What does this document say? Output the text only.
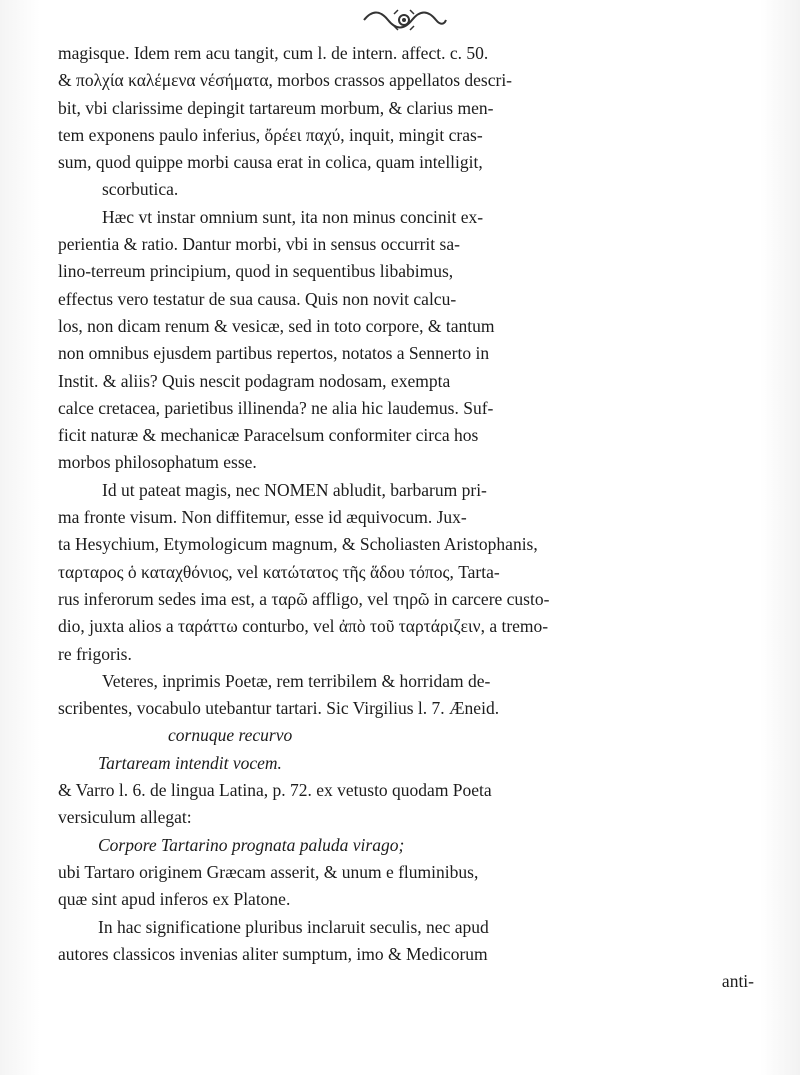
magisque. Idem rem acu tangit, cum l. de intern. affect. c. 50.
& πολχία καλέμενα νέσήματα, morbos crassos appellatos descri-
bit, vbi clarissime depingit tartareum morbum, & clarius men-
tem exponens paulo inferius, ὄρέει παχύ, inquit, mingit cras-
sum, quod quippe morbi causa erat in colica, quam intelligit,
scorbutica.
Hæc vt instar omnium sunt, ita non minus concinit ex-
perientia & ratio. Dantur morbi, vbi in sensus occurrit sa-
lino-terreum principium, quod in sequentibus libabimus,
effectus vero testatur de sua causa. Quis non novit calcu-
los, non dicam renum & vesicæ, sed in toto corpore, & tantum
non omnibus ejusdem partibus repertos, notatos a Sennerto in
Instit. & aliis? Quis nescit podagram nodosam, exempta
calce cretacea, parietibus illinenda? ne alia hic laudemus. Suf-
ficit naturæ & mechanicæ Paracelsum conformiter circa hos
morbos philosophatum esse.
Id ut pateat magis, nec NOMEN abludit, barbarum pri-
ma fronte visum. Non diffitemur, esse id æquivocum. Jux-
ta Hesychium, Etymologicum magnum, & Scholiasten Aristophanis,
ταρταρος ὁ καταχθόνιος, vel κατώτατος τῆς ἅδου τόπος, Tarta-
rus inferorum sedes ima est, a ταρῶ affligo, vel τηρῶ in carcere custo-
dio, juxta alios a ταράττω conturbo, vel ἀπὸ τοῦ ταρτάριζειν, a tremo-
re frigoris.
Veteres, inprimis Poetæ, rem terribilem & horridam de-
scribentes, vocabulo utebantur tartari. Sic Virgilius l. 7. Æneid.
cornuque recurvo
Tartaream intendit vocem.
& Varro l. 6. de lingua Latina, p. 72. ex vetusto quodam Poeta
versiculum allegat:
Corpore Tartarino prognata paluda virago;
ubi Tartaro originem Græcam asserit, & unum e fluminibus,
quæ sint apud inferos ex Platone.
In hac significatione pluribus inclaruit seculis, nec apud
autores classicos invenias aliter sumptum, imo & Medicorum
anti-
